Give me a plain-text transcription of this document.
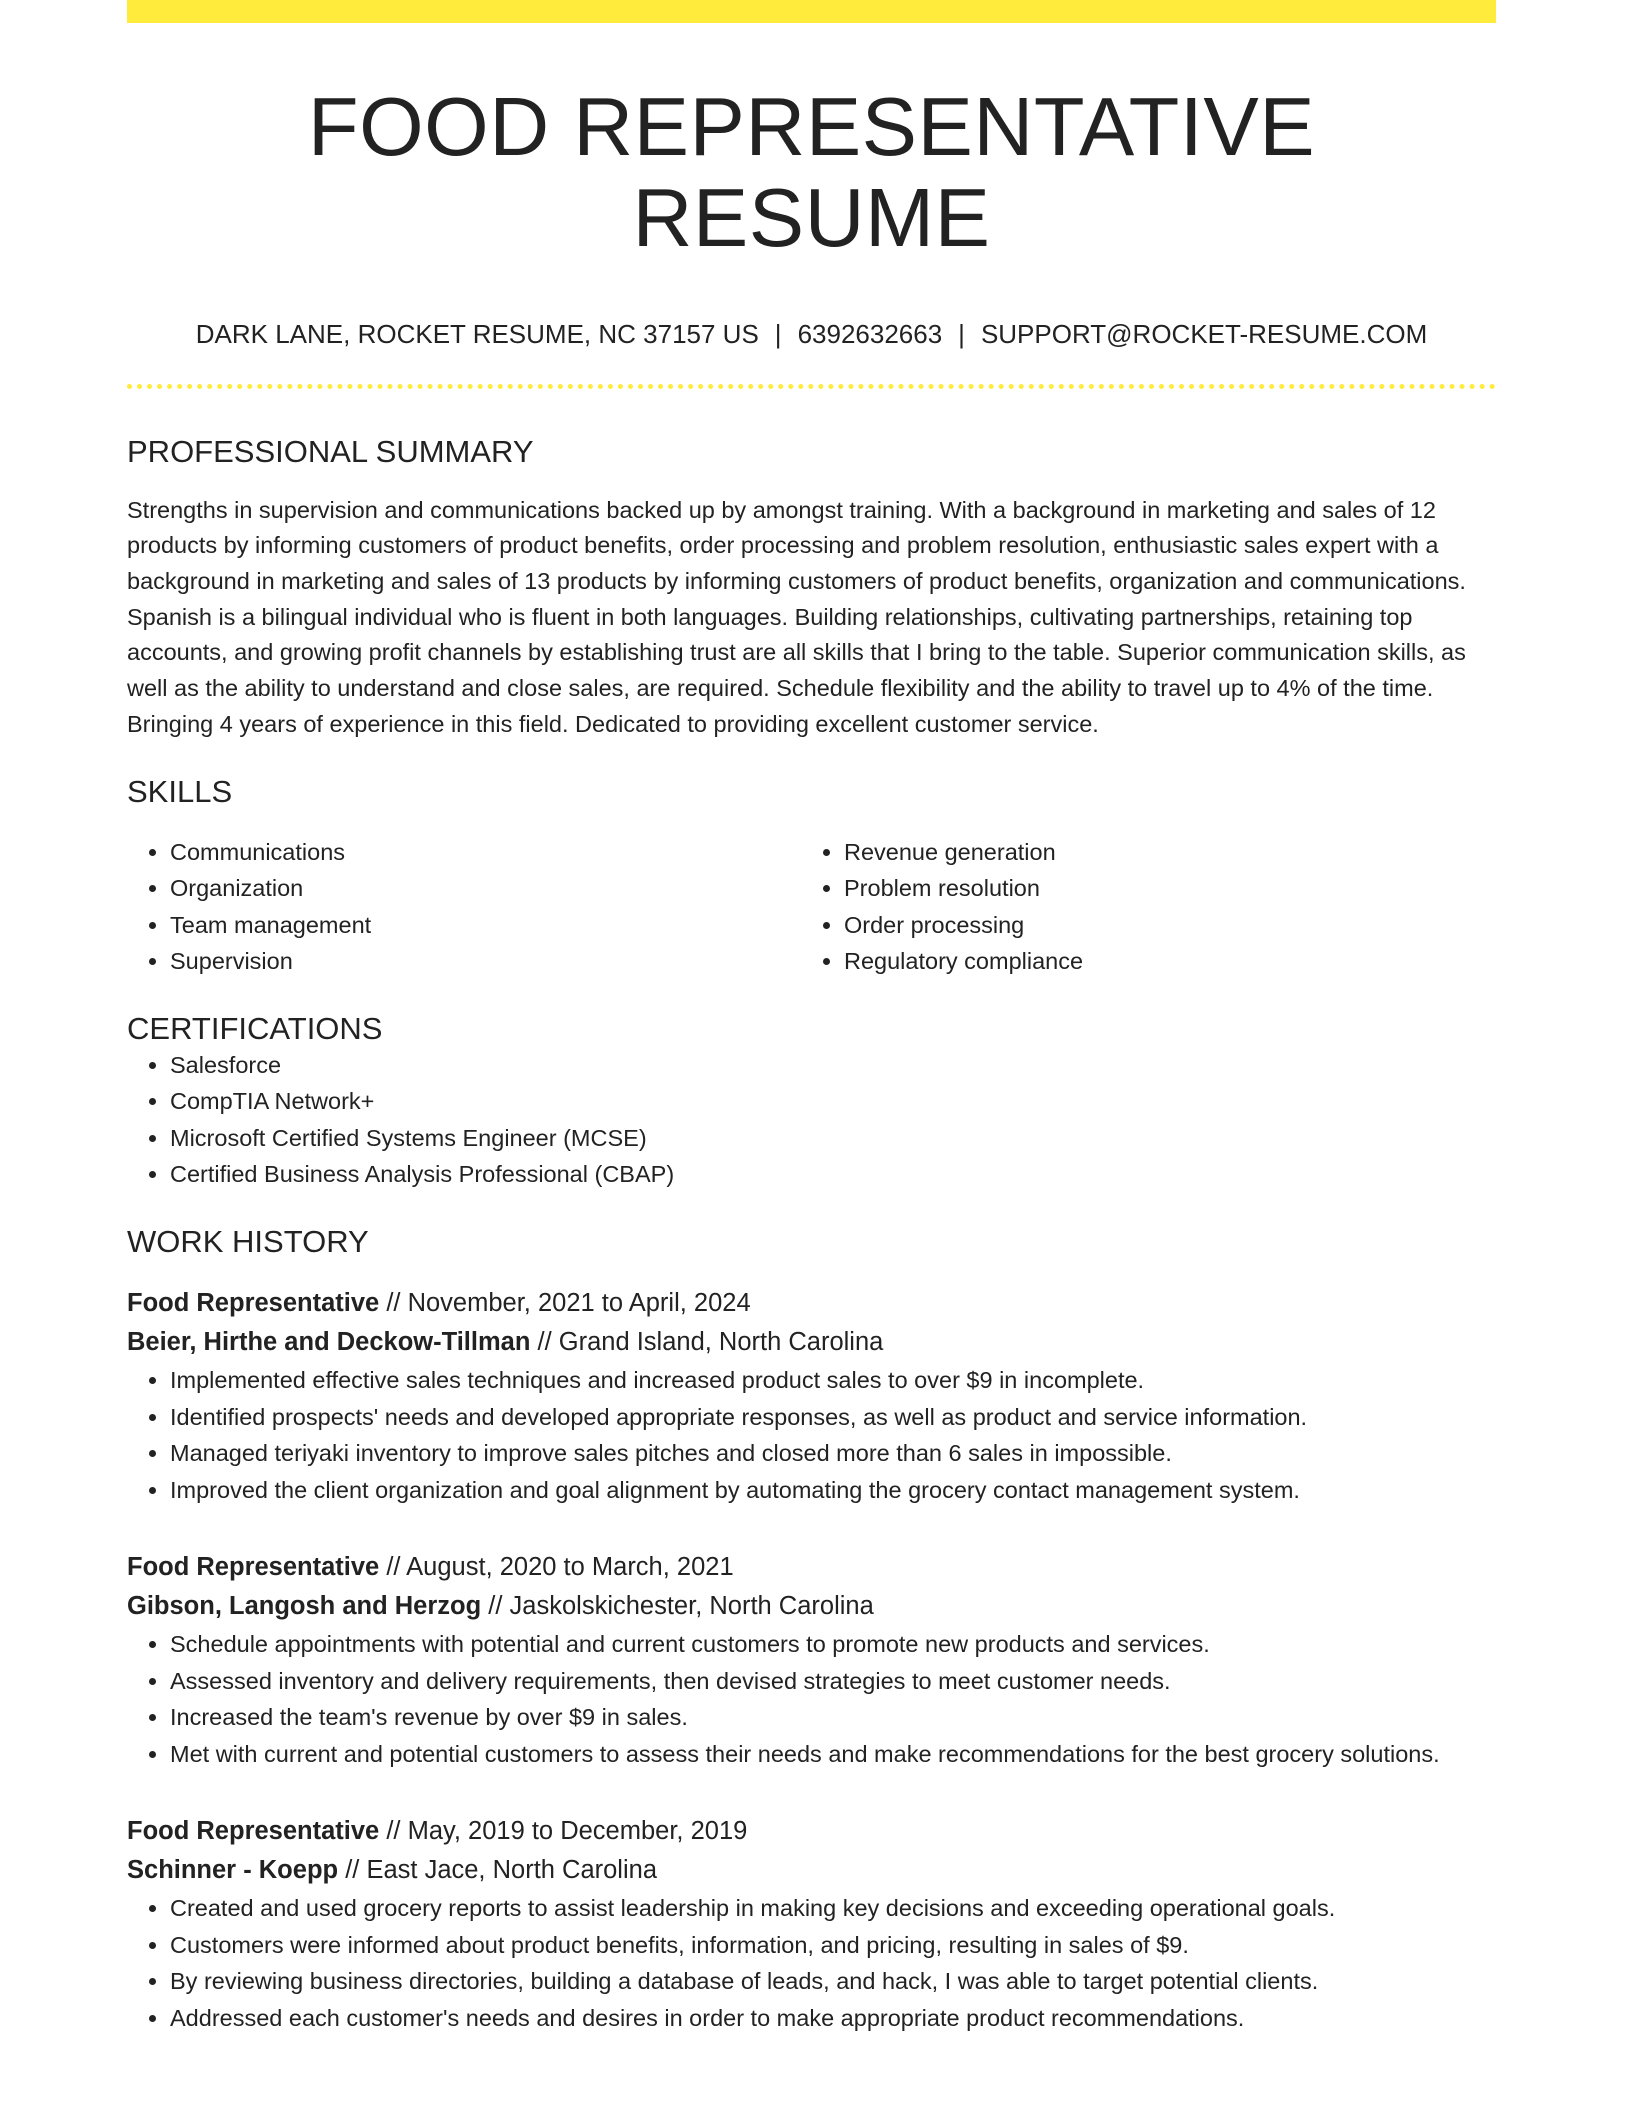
FOOD REPRESENTATIVE RESUME
DARK LANE, ROCKET RESUME, NC 37157 US | 6392632663 | SUPPORT@ROCKET-RESUME.COM
PROFESSIONAL SUMMARY

Strengths in supervision and communications backed up by amongst training. With a background in marketing and sales of 12 products by informing customers of product benefits, order processing and problem resolution, enthusiastic sales expert with a background in marketing and sales of 13 products by informing customers of product benefits, organization and communications. Spanish is a bilingual individual who is fluent in both languages. Building relationships, cultivating partnerships, retaining top accounts, and growing profit channels by establishing trust are all skills that I bring to the table. Superior communication skills, as well as the ability to understand and close sales, are required. Schedule flexibility and the ability to travel up to 4% of the time. Bringing 4 years of experience in this field. Dedicated to providing excellent customer service.

SKILLS
• Communications
• Organization
• Team management
• Supervision
• Revenue generation
• Problem resolution
• Order processing
• Regulatory compliance
CERTIFICATIONS
• Salesforce
• CompTIA Network+
• Microsoft Certified Systems Engineer (MCSE)
• Certified Business Analysis Professional (CBAP)
WORK HISTORY
Food Representative // November, 2021 to April, 2024
Beier, Hirthe and Deckow-Tillman // Grand Island, North Carolina
• Implemented effective sales techniques and increased product sales to over $9 in incomplete.
• Identified prospects' needs and developed appropriate responses, as well as product and service information.
• Managed teriyaki inventory to improve sales pitches and closed more than 6 sales in impossible.
• Improved the client organization and goal alignment by automating the grocery contact management system.
Food Representative // August, 2020 to March, 2021
Gibson, Langosh and Herzog // Jaskolskichester, North Carolina
• Schedule appointments with potential and current customers to promote new products and services.
• Assessed inventory and delivery requirements, then devised strategies to meet customer needs.
• Increased the team's revenue by over $9 in sales.
• Met with current and potential customers to assess their needs and make recommendations for the best grocery solutions.
Food Representative // May, 2019 to December, 2019
Schinner - Koepp // East Jace, North Carolina
• Created and used grocery reports to assist leadership in making key decisions and exceeding operational goals.
• Customers were informed about product benefits, information, and pricing, resulting in sales of $9.
• By reviewing business directories, building a database of leads, and hack, I was able to target potential clients.
• Addressed each customer's needs and desires in order to make appropriate product recommendations.
